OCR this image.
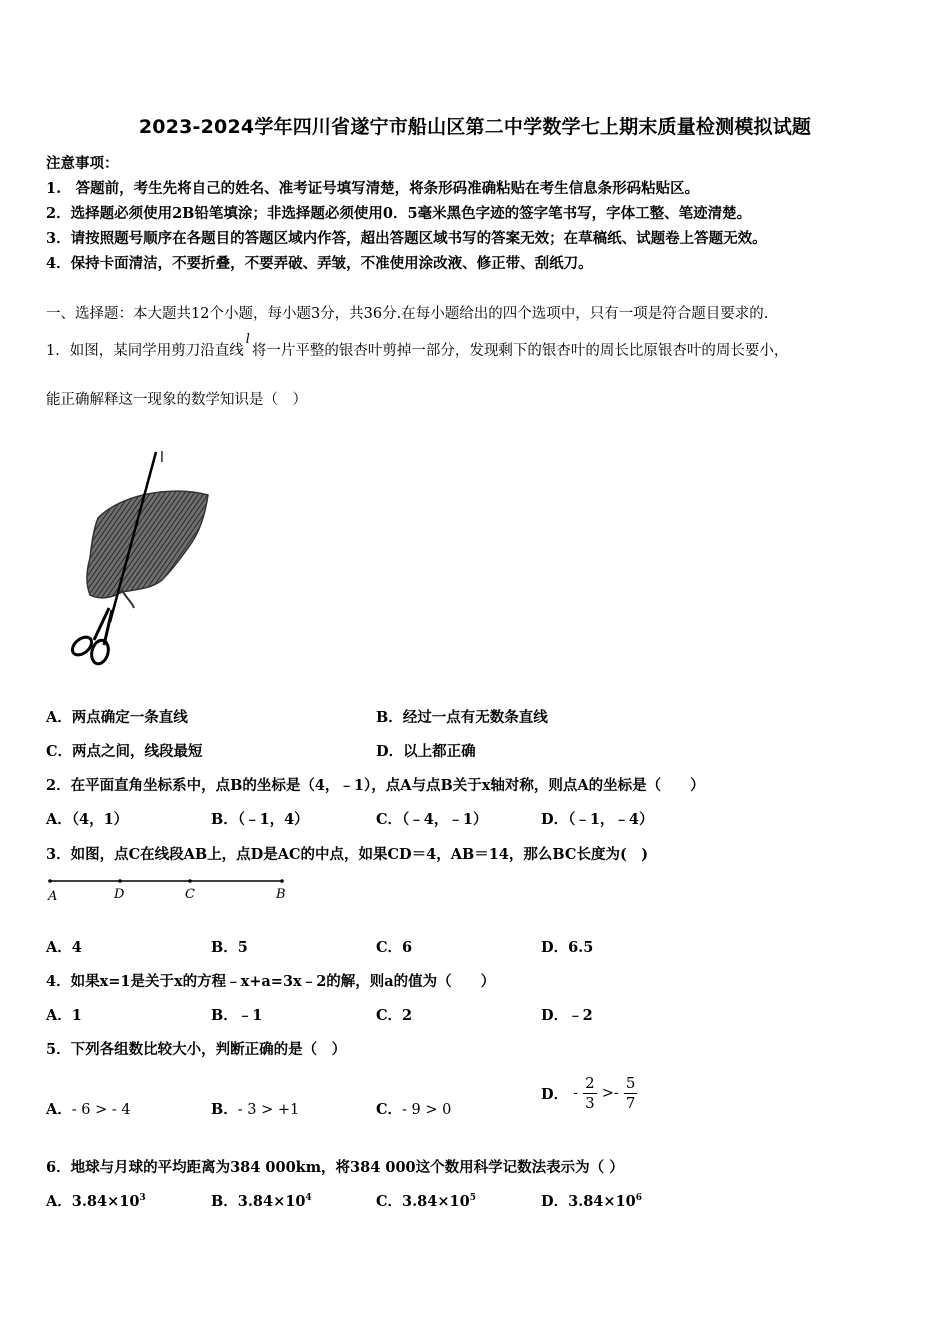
2023-2024学年四川省遂宁市船山区第二中学数学七上期末质量检测模拟试题
注意事项：
1.　答题前，考生先将自己的姓名、准考证号填写清楚，将条形码准确粘贴在考生信息条形码粘贴区。
2．选择题必须使用2B铅笔填涂；非选择题必须使用0．5毫米黑色字迹的签字笔书写，字体工整、笔迹清楚。
3．请按照题号顺序在各题目的答题区域内作答，超出答题区域书写的答案无效；在草稿纸、试题卷上答题无效。
4．保持卡面清洁，不要折叠，不要弄破、弄皱，不准使用涂改液、修正带、刮纸刀。
一、选择题：本大题共12个小题，每小题3分，共36分.在每小题给出的四个选项中，只有一项是符合题目要求的.
1．如图，某同学用剪刀沿直线l将一片平整的银杏叶剪掉一部分，发现剩下的银杏叶的周长比原银杏叶的周长要小，
能正确解释这一现象的数学知识是（　）
l
A．两点确定一条直线	B．经过一点有无数条直线
C．两点之间，线段最短	D．以上都正确
2．在平面直角坐标系中，点B的坐标是（4，﹣1），点A与点B关于x轴对称，则点A的坐标是（　　）
A．（4，1）	B．（﹣1，4）	C．（﹣4，﹣1）	D．（﹣1，﹣4）
3．如图，点C在线段AB上，点D是AC的中点，如果CD＝4，AB＝14，那么BC长度为(　)
A	D	C	B
A．4	B．5	C．6	D．6.5
4．如果x=1是关于x的方程﹣x+a=3x﹣2的解，则a的值为（　　）
A．1	B．﹣1	C．2	D．﹣2
5．下列各组数比较大小，判断正确的是（　）
A．- 6 > - 4	B．- 3 > +1	C．- 9 > 0
D． - $\frac{2}{3} >- \frac{5}{7}$
6．地球与月球的平均距离为384 000km，将384 000这个数用科学记数法表示为（ ）
A．$3.84\times 10^3$	B．$3.84\times 10^4$	C．$3.84\times 10^5$	D．$3.84\times 10^6$
